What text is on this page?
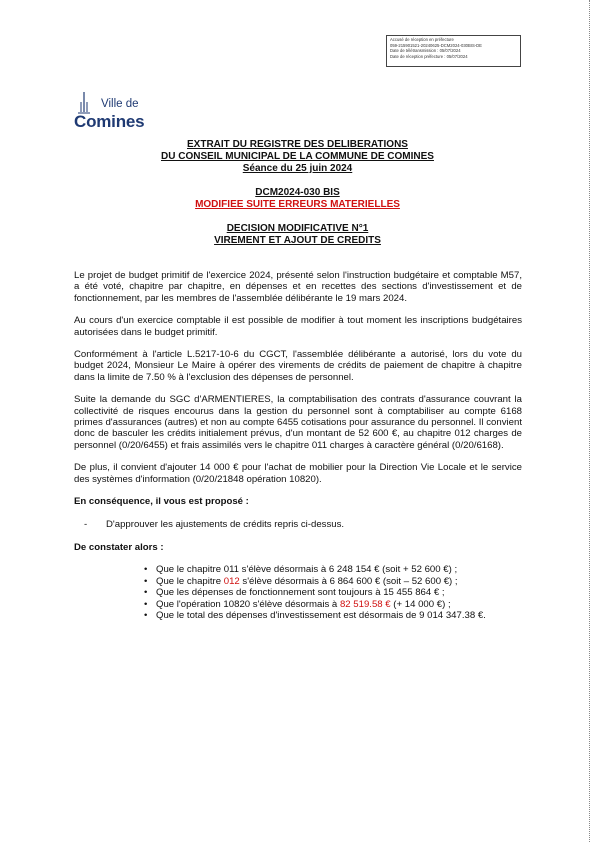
Accusé de réception en préfecture
059-215901521-20240625-DCM2024-030BIS-DE
Date de télétransmission : 05/07/2024
Date de réception préfecture : 05/07/2024
Ville de
Comines
EXTRAIT DU REGISTRE DES DELIBERATIONS
DU CONSEIL MUNICIPAL DE LA COMMUNE DE COMINES
Séance du 25 juin 2024
DCM2024-030 BIS
MODIFIEE SUITE ERREURS MATERIELLES
DECISION MODIFICATIVE N°1
VIREMENT ET AJOUT DE CREDITS

Le projet de budget primitif de l'exercice 2024, présenté selon l'instruction budgétaire et comptable M57, a été voté, chapitre par chapitre, en dépenses et en recettes des sections d'investissement et de fonctionnement, par les membres de l'assemblée délibérante le 19 mars 2024.

Au cours d'un exercice comptable il est possible de modifier à tout moment les inscriptions budgétaires autorisées dans le budget primitif.

Conformément à l'article L.5217-10-6 du CGCT, l'assemblée délibérante a autorisé, lors du vote du budget 2024, Monsieur Le Maire à opérer des virements de crédits de paiement de chapitre à chapitre dans la limite de 7.50 % à l'exclusion des dépenses de personnel.

Suite la demande du SGC d'ARMENTIERES, la comptabilisation des contrats d'assurance couvrant la collectivité de risques encourus dans la gestion du personnel sont à comptabiliser au compte 6168 primes d'assurances (autres) et non au compte 6455 cotisations pour assurance du personnel. Il convient donc de basculer les crédits initialement prévus, d'un montant de 52 600 €, au chapitre 012 charges de personnel (0/20/6455) et frais assimilés vers le chapitre 011 charges à caractère général (0/20/6168).

De plus, il convient d'ajouter 14 000 € pour l'achat de mobilier pour la Direction Vie Locale et le service des systèmes d'information (0/20/21848 opération 10820).

En conséquence, il vous est proposé :

- D'approuver les ajustements de crédits repris ci-dessus.

De constater alors :

• Que le chapitre 011 s'élève désormais à 6 248 154 € (soit + 52 600 €) ;
• Que le chapitre 012 s'élève désormais à 6 864 600 € (soit – 52 600 €) ;
• Que les dépenses de fonctionnement sont toujours à 15 455 864 € ;
• Que l'opération 10820 s'élève désormais à 82 519.58 € (+ 14 000 €) ;
• Que le total des dépenses d'investissement est désormais de 9 014 347.38 €.
